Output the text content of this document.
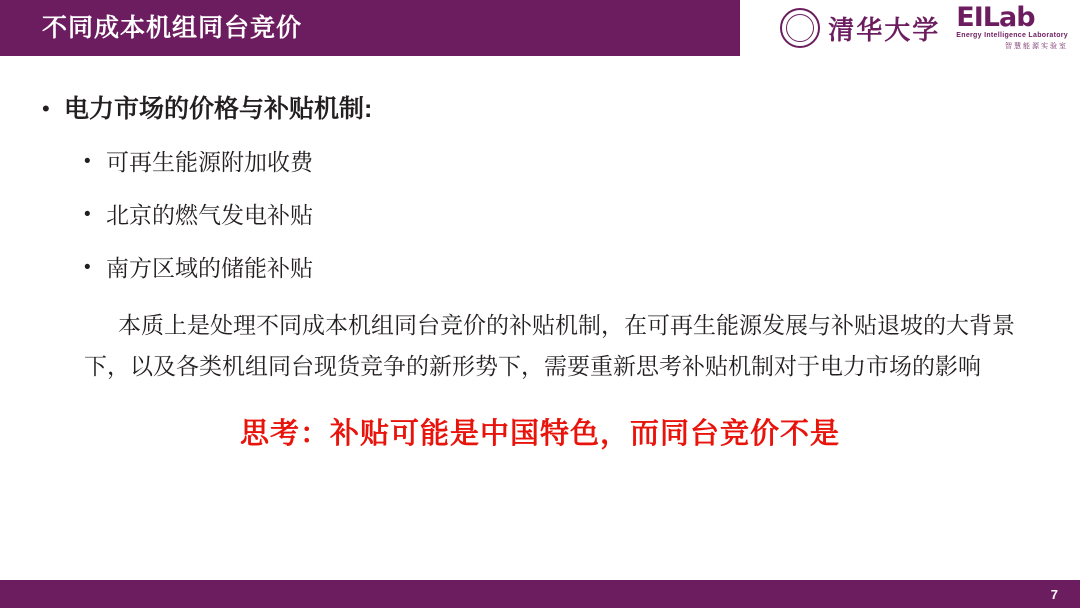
不同成本机组同台竞价	清华大学 EILab
Energy Intelligence Laboratory
智慧能源实验室
• 电力市场的价格与补贴机制:
• 可再生能源附加收费
• 北京的燃气发电补贴
• 南方区域的储能补贴
本质上是处理不同成本机组同台竞价的补贴机制，在可再生能源发展与补贴退坡的大背景下，以及各类机组同台现货竞争的新形势下，需要重新思考补贴机制对于电力市场的影响
思考：补贴可能是中国特色，而同台竞价不是
7
